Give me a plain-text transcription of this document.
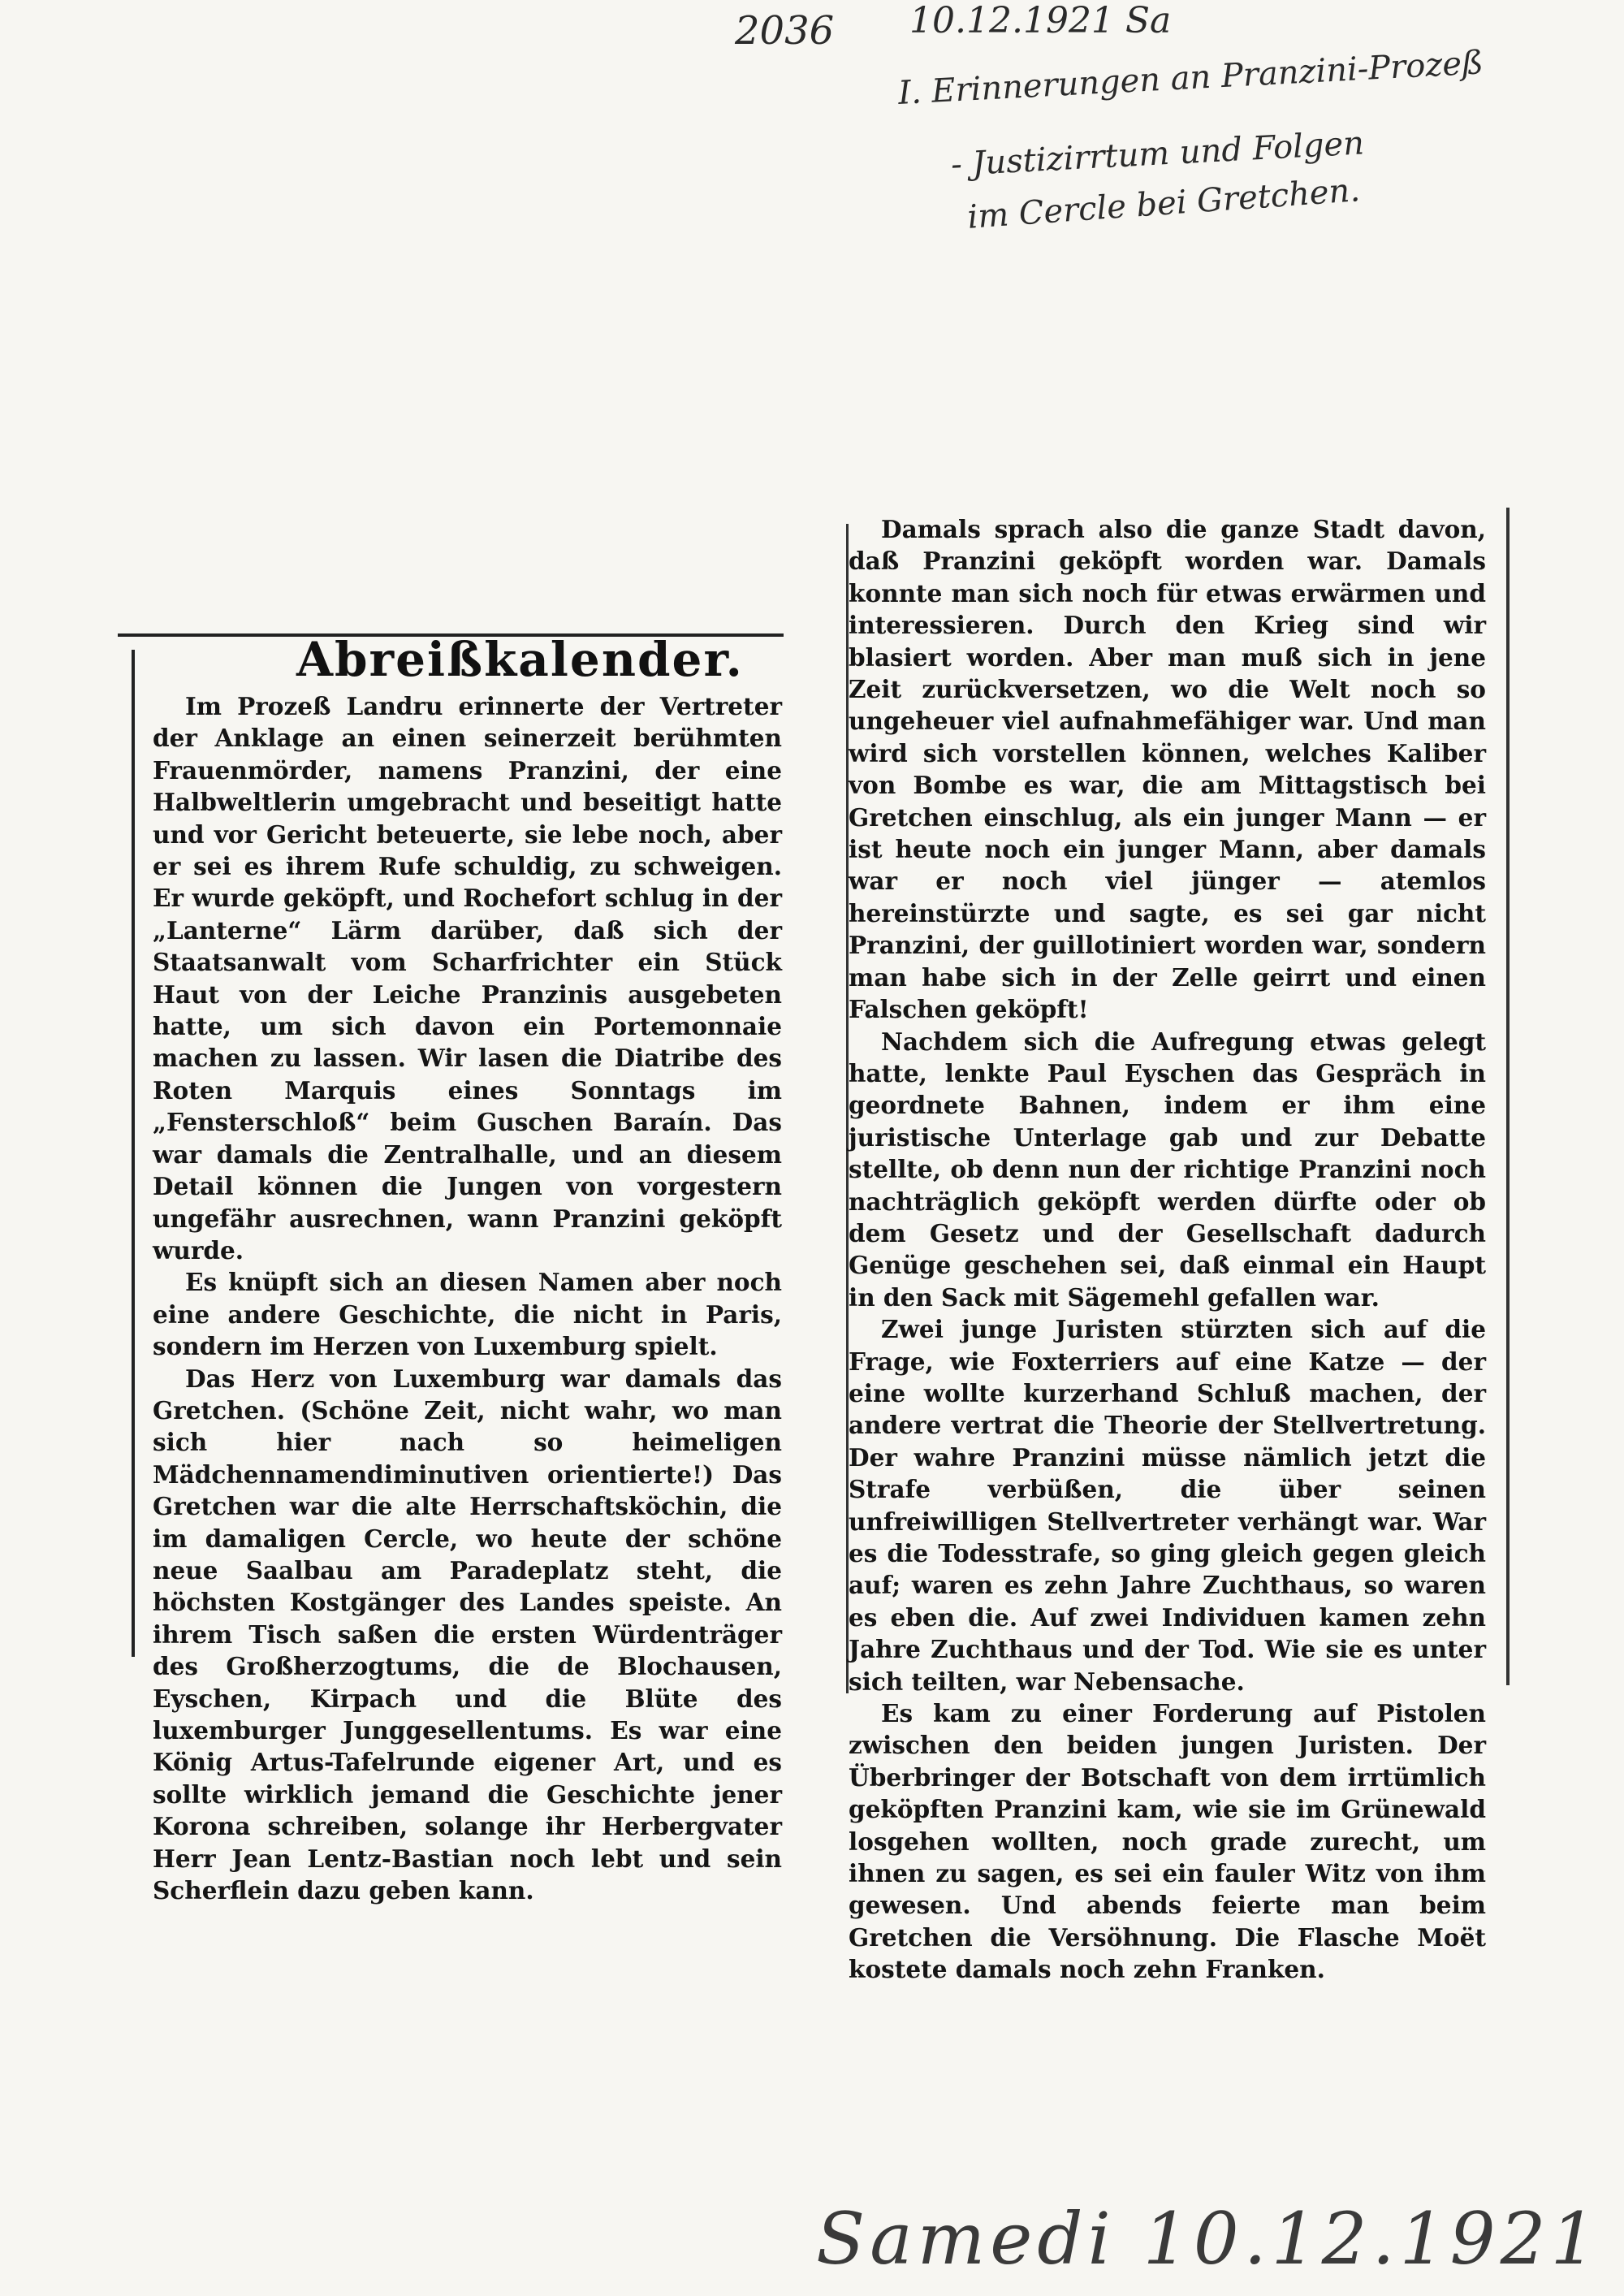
2036 10.12.1921 Sa
I. Erinnerungen an Pranzini-Prozeß
- Justizirrtum und Folgen
im Cercle bei Gretchen.
Abreißkalender.

Im Prozeß Landru erinnerte der Vertreter der Anklage an einen seinerzeit berühmten Frauenmörder, namens Pranzini, der eine Halbweltlerin umgebracht und beseitigt hatte und vor Gericht beteuerte, sie lebe noch, aber er sei es ihrem Rufe schuldig, zu schweigen. Er wurde geköpft, und Rochefort schlug in der „Lanterne“ Lärm darüber, daß sich der Staatsanwalt vom Scharfrichter ein Stück Haut von der Leiche Pranzinis ausgebeten hatte, um sich davon ein Portemonnaie machen zu lassen. Wir lasen die Diatribe des Roten Marquis eines Sonntags im „Fensterschloß“ beim Guschen Baraín. Das war damals die Zentralhalle, und an diesem Detail können die Jungen von vorgestern ungefähr ausrechnen, wann Pranzini geköpft wurde.

Es knüpft sich an diesen Namen aber noch eine andere Geschichte, die nicht in Paris, sondern im Herzen von Luxemburg spielt.

Das Herz von Luxemburg war damals das Gretchen. (Schöne Zeit, nicht wahr, wo man sich hier nach so heimeligen Mädchennamendiminutiven orientierte!) Das Gretchen war die alte Herrschaftsköchin, die im damaligen Cercle, wo heute der schöne neue Saalbau am Paradeplatz steht, die höchsten Kostgänger des Landes speiste. An ihrem Tisch saßen die ersten Würdenträger des Großherzogtums, die de Blochausen, Eyschen, Kirpach und die Blüte des luxemburger Junggesellentums. Es war eine König Artus-Tafelrunde eigener Art, und es sollte wirklich jemand die Geschichte jener Korona schreiben, solange ihr Herbergvater Herr Jean Lentz-Bastian noch lebt und sein Scherflein dazu geben kann.

Damals sprach also die ganze Stadt davon, daß Pranzini geköpft worden war. Damals konnte man sich noch für etwas erwärmen und interessieren. Durch den Krieg sind wir blasiert worden. Aber man muß sich in jene Zeit zurückversetzen, wo die Welt noch so ungeheuer viel aufnahmefähiger war. Und man wird sich vorstellen können, welches Kaliber von Bombe es war, die am Mittagstisch bei Gretchen einschlug, als ein junger Mann — er ist heute noch ein junger Mann, aber damals war er noch viel jünger — atemlos hereinstürzte und sagte, es sei gar nicht Pranzini, der guillotiniert worden war, sondern man habe sich in der Zelle geirrt und einen Falschen geköpft!

Nachdem sich die Aufregung etwas gelegt hatte, lenkte Paul Eyschen das Gespräch in geordnete Bahnen, indem er ihm eine juristische Unterlage gab und zur Debatte stellte, ob denn nun der richtige Pranzini noch nachträglich geköpft werden dürfte oder ob dem Gesetz und der Gesellschaft dadurch Genüge geschehen sei, daß einmal ein Haupt in den Sack mit Sägemehl gefallen war.

Zwei junge Juristen stürzten sich auf die Frage, wie Foxterriers auf eine Katze — der eine wollte kurzerhand Schluß machen, der andere vertrat die Theorie der Stellvertretung. Der wahre Pranzini müsse nämlich jetzt die Strafe verbüßen, die über seinen unfreiwilligen Stellvertreter verhängt war. War es die Todesstrafe, so ging gleich gegen gleich auf; waren es zehn Jahre Zuchthaus, so waren es eben die. Auf zwei Individuen kamen zehn Jahre Zuchthaus und der Tod. Wie sie es unter sich teilten, war Nebensache.

Es kam zu einer Forderung auf Pistolen zwischen den beiden jungen Juristen. Der Überbringer der Botschaft von dem irrtümlich geköpften Pranzini kam, wie sie im Grünewald losgehen wollten, noch grade zurecht, um ihnen zu sagen, es sei ein fauler Witz von ihm gewesen. Und abends feierte man beim Gretchen die Versöhnung. Die Flasche Moët kostete damals noch zehn Franken.

Samedi 10.12.1921
